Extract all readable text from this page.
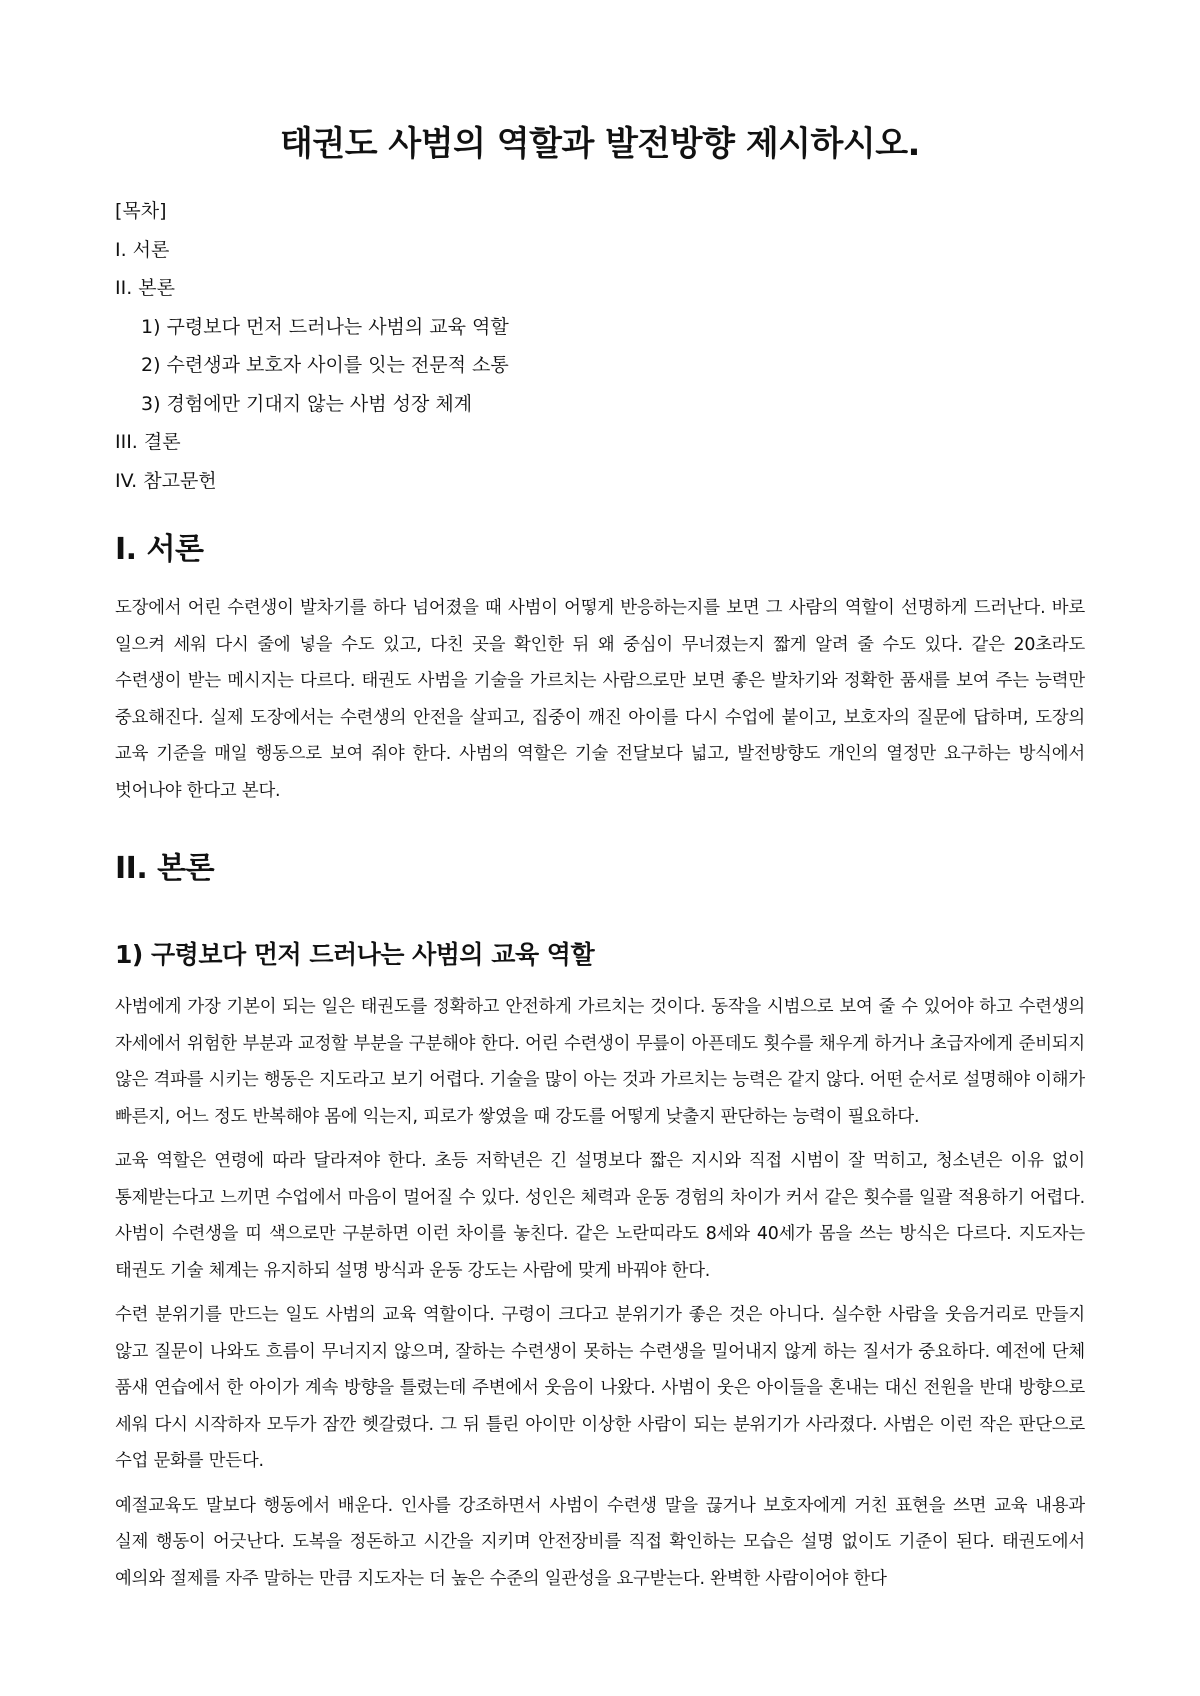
태권도 사범의 역할과 발전방향 제시하시오.

[목차]

I. 서론

II. 본론

1) 구령보다 먼저 드러나는 사범의 교육 역할

2) 수련생과 보호자 사이를 잇는 전문적 소통

3) 경험에만 기대지 않는 사범 성장 체계

III. 결론

IV. 참고문헌

I. 서론

도장에서 어린 수련생이 발차기를 하다 넘어졌을 때 사범이 어떻게 반응하는지를 보면 그 사람의 역할이 선명하게 드러난다. 바로 일으켜 세워 다시 줄에 넣을 수도 있고, 다친 곳을 확인한 뒤 왜 중심이 무너졌는지 짧게 알려 줄 수도 있다. 같은 20초라도 수련생이 받는 메시지는 다르다. 태권도 사범을 기술을 가르치는 사람으로만 보면 좋은 발차기와 정확한 품새를 보여 주는 능력만 중요해진다. 실제 도장에서는 수련생의 안전을 살피고, 집중이 깨진 아이를 다시 수업에 붙이고, 보호자의 질문에 답하며, 도장의 교육 기준을 매일 행동으로 보여 줘야 한다. 사범의 역할은 기술 전달보다 넓고, 발전방향도 개인의 열정만 요구하는 방식에서 벗어나야 한다고 본다.

II. 본론
1) 구령보다 먼저 드러나는 사범의 교육 역할

사범에게 가장 기본이 되는 일은 태권도를 정확하고 안전하게 가르치는 것이다. 동작을 시범으로 보여 줄 수 있어야 하고 수련생의 자세에서 위험한 부분과 교정할 부분을 구분해야 한다. 어린 수련생이 무릎이 아픈데도 횟수를 채우게 하거나 초급자에게 준비되지 않은 격파를 시키는 행동은 지도라고 보기 어렵다. 기술을 많이 아는 것과 가르치는 능력은 같지 않다. 어떤 순서로 설명해야 이해가 빠른지, 어느 정도 반복해야 몸에 익는지, 피로가 쌓였을 때 강도를 어떻게 낮출지 판단하는 능력이 필요하다.

교육 역할은 연령에 따라 달라져야 한다. 초등 저학년은 긴 설명보다 짧은 지시와 직접 시범이 잘 먹히고, 청소년은 이유 없이 통제받는다고 느끼면 수업에서 마음이 멀어질 수 있다. 성인은 체력과 운동 경험의 차이가 커서 같은 횟수를 일괄 적용하기 어렵다. 사범이 수련생을 띠 색으로만 구분하면 이런 차이를 놓친다. 같은 노란띠라도 8세와 40세가 몸을 쓰는 방식은 다르다. 지도자는 태권도 기술 체계는 유지하되 설명 방식과 운동 강도는 사람에 맞게 바꿔야 한다.

수련 분위기를 만드는 일도 사범의 교육 역할이다. 구령이 크다고 분위기가 좋은 것은 아니다. 실수한 사람을 웃음거리로 만들지 않고 질문이 나와도 흐름이 무너지지 않으며, 잘하는 수련생이 못하는 수련생을 밀어내지 않게 하는 질서가 중요하다. 예전에 단체 품새 연습에서 한 아이가 계속 방향을 틀렸는데 주변에서 웃음이 나왔다. 사범이 웃은 아이들을 혼내는 대신 전원을 반대 방향으로 세워 다시 시작하자 모두가 잠깐 헷갈렸다. 그 뒤 틀린 아이만 이상한 사람이 되는 분위기가 사라졌다. 사범은 이런 작은 판단으로 수업 문화를 만든다.

예절교육도 말보다 행동에서 배운다. 인사를 강조하면서 사범이 수련생 말을 끊거나 보호자에게 거친 표현을 쓰면 교육 내용과 실제 행동이 어긋난다. 도복을 정돈하고 시간을 지키며 안전장비를 직접 확인하는 모습은 설명 없이도 기준이 된다. 태권도에서 예의와 절제를 자주 말하는 만큼 지도자는 더 높은 수준의 일관성을 요구받는다. 완벽한 사람이어야 한다
